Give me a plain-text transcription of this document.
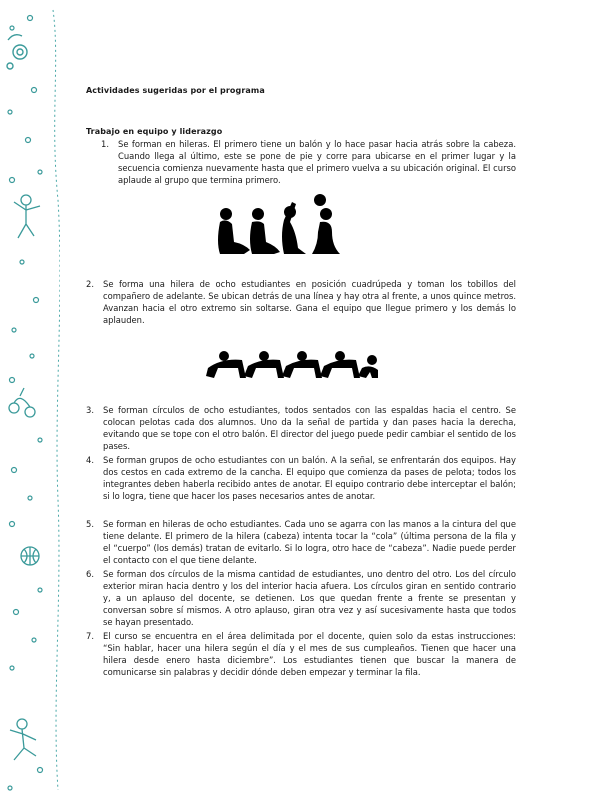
Actividades sugeridas por el programa
Trabajo en equipo y liderazgo
1.	Se forman en hileras. El primero tiene un balón y lo hace pasar hacia atrás sobre la cabeza. Cuando llega al último, este se pone de pie y corre para ubicarse en el primer lugar y la secuencia comienza nuevamente hasta que el primero vuelva a su ubicación original. El curso aplaude al grupo que termina primero.
2.	Se forma una hilera de ocho estudiantes en posición cuadrúpeda y toman los tobillos del compañero de adelante. Se ubican detrás de una línea y hay otra al frente, a unos quince metros. Avanzan hacia el otro extremo sin soltarse. Gana el equipo que llegue primero y los demás lo aplauden.
3.	Se forman círculos de ocho estudiantes, todos sentados con las espaldas hacia el centro. Se colocan pelotas cada dos alumnos. Uno da la señal de partida y dan pases hacia la derecha, evitando que se tope con el otro balón. El director del juego puede pedir cambiar el sentido de los pases.
4.	Se forman grupos de ocho estudiantes con un balón. A la señal, se enfrentarán dos equipos. Hay dos cestos en cada extremo de la cancha. El equipo que comienza da pases de pelota; todos los integrantes deben haberla recibido antes de anotar. El equipo contrario debe interceptar el balón; si lo logra, tiene que hacer los pases necesarios antes de anotar.
5.	Se forman en hileras de ocho estudiantes. Cada uno se agarra con las manos a la cintura del que tiene delante. El primero de la hilera (cabeza) intenta tocar la “cola” (última persona de la fila y el “cuerpo” (los demás) tratan de evitarlo. Si lo logra, otro hace de “cabeza”. Nadie puede perder el contacto con el que tiene delante.
6.	Se forman dos círculos de la misma cantidad de estudiantes, uno dentro del otro. Los del círculo exterior miran hacia dentro y los del interior hacia afuera. Los círculos giran en sentido contrario y, a un aplauso del docente, se detienen. Los que quedan frente a frente se presentan y conversan sobre sí mismos. A otro aplauso, giran otra vez y así sucesivamente hasta que todos se hayan presentado.
7.	El curso se encuentra en el área delimitada por el docente, quien solo da estas instrucciones: “Sin hablar, hacer una hilera según el día y el mes de sus cumpleaños. Tienen que hacer una hilera desde enero hasta diciembre”. Los estudiantes tienen que buscar la manera de comunicarse sin palabras y decidir dónde deben empezar y terminar la fila.
